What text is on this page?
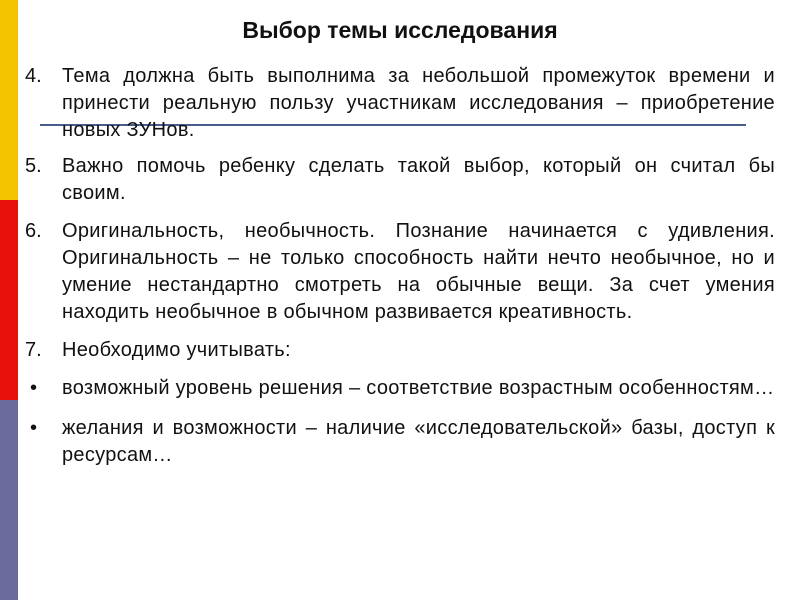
Выбор темы исследования
4.	Тема должна быть выполнима за небольшой промежуток времени и принести реальную пользу участникам исследования – приобретение новых ЗУНов.
5.	Важно помочь ребенку сделать такой выбор, который он считал бы своим.
6.	Оригинальность, необычность. Познание начинается с удивления. Оригинальность – не только способность найти нечто необычное, но и умение нестандартно смотреть на обычные вещи. За счет умения находить необычное в обычном развивается креативность.
7.	Необходимо учитывать:
•	возможный уровень решения – соответствие возрастным особенностям…
•	желания и возможности – наличие «исследовательской» базы, доступ к ресурсам…
